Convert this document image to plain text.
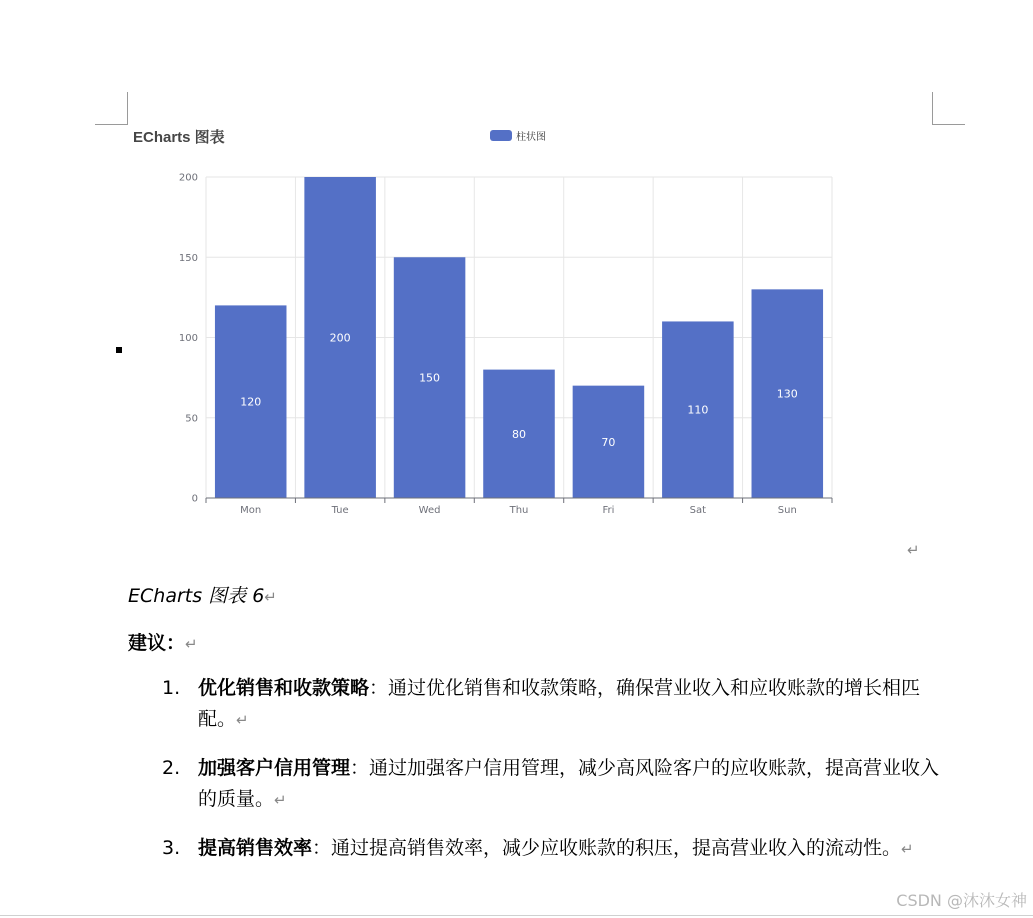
ECharts 图表	柱状图
0
50
100
150
200
120
200
150
80
70
110
130
Mon	Tue	Wed	Thu	Fri	Sat	Sun
↵
ECharts 图表 6↵
建议：↵
1. 优化销售和收款策略：通过优化销售和收款策略，确保营业收入和应收账款的增长相匹配。↵
2. 加强客户信用管理：通过加强客户信用管理，减少高风险客户的应收账款，提高营业收入的质量。↵
3. 提高销售效率：通过提高销售效率，减少应收账款的积压，提高营业收入的流动性。↵
CSDN @沐沐女神
